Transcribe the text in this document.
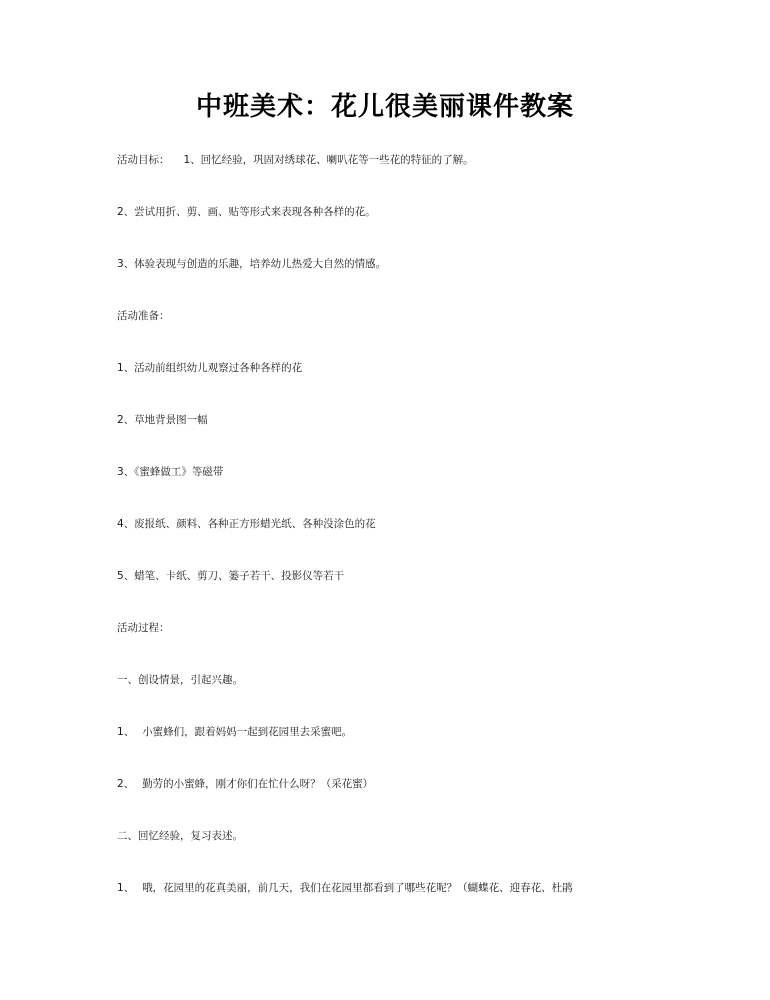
中班美术：花儿很美丽课件教案

活动目标： 1、回忆经验，巩固对绣球花、喇叭花等一些花的特征的了解。

2、尝试用折、剪、画、贴等形式来表现各种各样的花。

3、体验表现与创造的乐趣，培养幼儿热爱大自然的情感。

活动准备：

1、活动前组织幼儿观察过各种各样的花

2、草地背景图一幅

3、《蜜蜂做工》等磁带

4、废报纸、颜料、各种正方形蜡光纸、各种没涂色的花

5、蜡笔、卡纸、剪刀、篓子若干、投影仪等若干

活动过程：

一、创设情景，引起兴趣。

1、 小蜜蜂们，跟着妈妈一起到花园里去采蜜吧。

2、 勤劳的小蜜蜂，刚才你们在忙什么呀？（采花蜜）

二、回忆经验，复习表述。

1、 哦，花园里的花真美丽，前几天，我们在花园里都看到了哪些花呢？（蝴蝶花、迎春花、杜鹃
